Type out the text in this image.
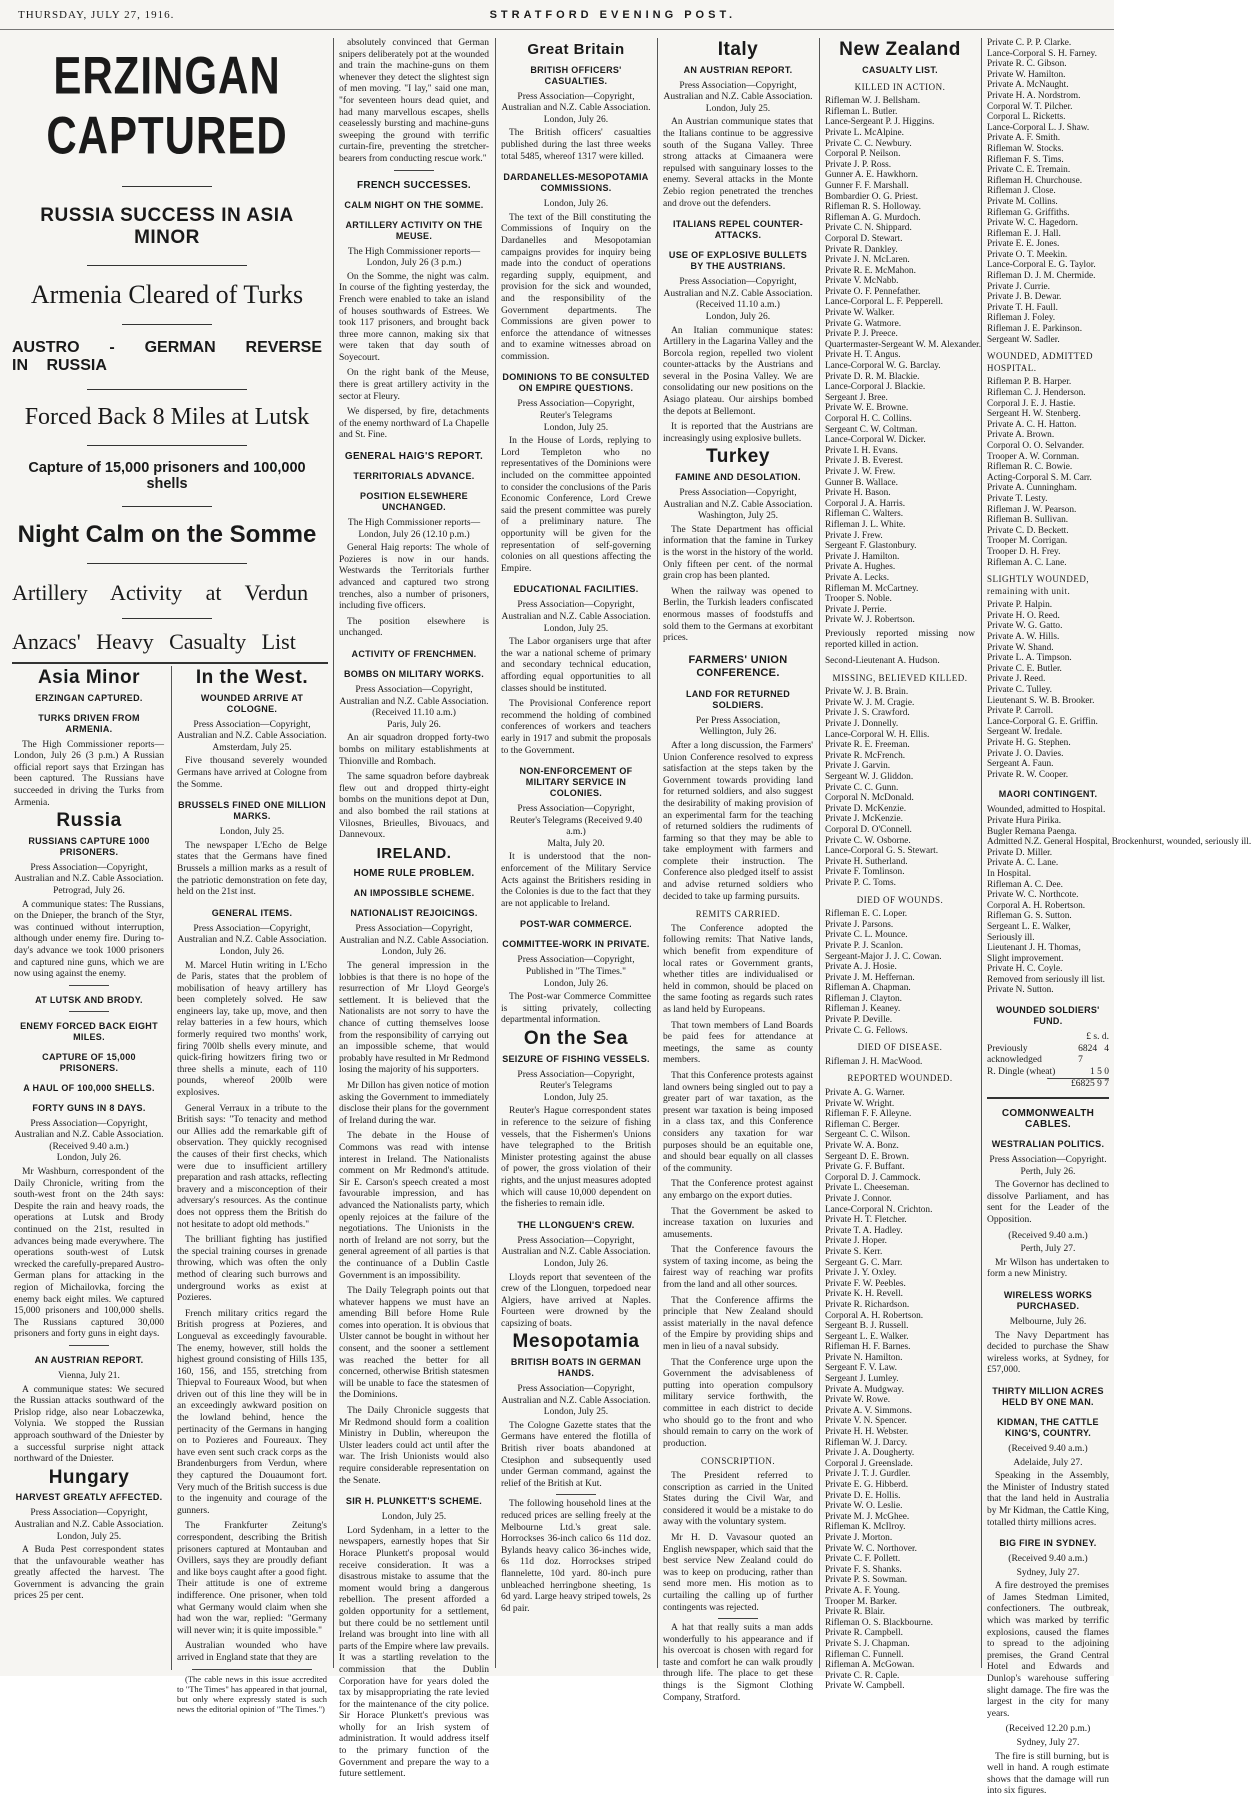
THURSDAY, JULY 27, 1916.	STRATFORD EVENING POST.
ERZINGAN CAPTURED
RUSSIA SUCCESS IN ASIA MINOR
Armenia Cleared of Turks
AUSTRO - GERMAN REVERSE IN RUSSIA
Forced Back 8 Miles at Lutsk
Capture of 15,000 prisoners and 100,000 shells
Night Calm on the Somme
Artillery Activity at Verdun
Anzacs' Heavy Casualty List
Asia Minor
ERZINGAN CAPTURED.
TURKS DRIVEN FROM ARMENIA.

The High Commissioner reports—London, July 26 (3 p.m.) A Russian official report says that Erzingan has been captured. The Russians have succeeded in driving the Turks from Armenia.

Russia
RUSSIANS CAPTURE 1000 PRISONERS.

Press Association—Copyright, Australian and N.Z. Cable Association.

Petrograd, July 26.

A communique states: The Russians, on the Dnieper, the branch of the Styr, was continued without interruption, although under enemy fire. During to-day's advance we took 1000 prisoners and captured nine guns, which we are now using against the enemy.

AT LUTSK AND BRODY.
ENEMY FORCED BACK EIGHT MILES.
CAPTURE OF 15,000 PRISONERS.
A HAUL OF 100,000 SHELLS.
FORTY GUNS IN 8 DAYS.

Press Association—Copyright, Australian and N.Z. Cable Association. (Received 9.40 a.m.)

London, July 26.

Mr Washburn, correspondent of the Daily Chronicle, writing from the south-west front on the 24th says: Despite the rain and heavy roads, the operations at Lutsk and Brody continued on the 21st, resulted in advances being made everywhere. The operations south-west of Lutsk wrecked the carefully-prepared Austro-German plans for attacking in the region of Michailovka, forcing the enemy back eight miles. We captured 15,000 prisoners and 100,000 shells. The Russians captured 30,000 prisoners and forty guns in eight days.

AN AUSTRIAN REPORT.

Vienna, July 21.

A communique states: We secured the Russian attacks southward of the Prislop ridge, also near Lobaczewka, Volynia. We stopped the Russian approach southward of the Dniester by a successful surprise night attack northward of the Dniester.

Hungary
HARVEST GREATLY AFFECTED.

Press Association—Copyright, Australian and N.Z. Cable Association.

London, July 25.

A Buda Pest correspondent states that the unfavourable weather has greatly affected the harvest. The Government is advancing the grain prices 25 per cent.

In the West.
WOUNDED ARRIVE AT COLOGNE.

Press Association—Copyright, Australian and N.Z. Cable Association.

Amsterdam, July 25.

Five thousand severely wounded Germans have arrived at Cologne from the Somme.

BRUSSELS FINED ONE MILLION MARKS.

London, July 25.

The newspaper L'Echo de Belge states that the Germans have fined Brussels a million marks as a result of the patriotic demonstration on fete day, held on the 21st inst.

GENERAL ITEMS.

Press Association—Copyright, Australian and N.Z. Cable Association.

London, July 26.

M. Marcel Hutin writing in L'Echo de Paris, states that the problem of mobilisation of heavy artillery has been completely solved. He saw engineers lay, take up, move, and then relay batteries in a few hours, which formerly required two months' work, firing 700lb shells every minute, and quick-firing howitzers firing two or three shells a minute, each of 110 pounds, whereof 200lb were explosives.

General Verraux in a tribute to the British says: "To tenacity and method our Allies add the remarkable gift of observation. They quickly recognised the causes of their first checks, which were due to insufficient artillery preparation and rash attacks, reflecting bravery and a misconception of their adversary's resources. As the continue does not oppress them the British do not hesitate to adopt old methods."

The brilliant fighting has justified the special training courses in grenade throwing, which was often the only method of clearing such burrows and underground works as exist at Pozieres.

French military critics regard the British progress at Pozieres, and Longueval as exceedingly favourable. The enemy, however, still holds the highest ground consisting of Hills 135, 160, 156, and 155, stretching from Thiepval to Foureaux Wood, but when driven out of this line they will be in an exceedingly awkward position on the lowland behind, hence the pertinacity of the Germans in hanging on to Pozieres and Foureaux. They have even sent such crack corps as the Brandenburgers from Verdun, where they captured the Douaumont fort. Very much of the British success is due to the ingenuity and courage of the gunners.

The Frankfurter Zeitung's correspondent, describing the British prisoners captured at Montauban and Ovillers, says they are proudly defiant and like boys caught after a good fight. Their attitude is one of extreme indifference. One prisoner, when told what Germany would claim when she had won the war, replied: "Germany will never win; it is quite impossible."

Australian wounded who have arrived in England state that they are

(The cable news in this issue accredited to "The Times" has appeared in that journal, but only where expressly stated is such news the editorial opinion of "The Times.")

absolutely convinced that German snipers deliberately pot at the wounded and train the machine-guns on them whenever they detect the slightest sign of men moving. "I lay," said one man, "for seventeen hours dead quiet, and had many marvellous escapes, shells ceaselessly bursting and machine-guns sweeping the ground with terrific curtain-fire, preventing the stretcher-bearers from conducting rescue work."

FRENCH SUCCESSES.
CALM NIGHT ON THE SOMME.
ARTILLERY ACTIVITY ON THE MEUSE.

The High Commissioner reports—London, July 26 (3 p.m.)

On the Somme, the night was calm. In course of the fighting yesterday, the French were enabled to take an island of houses southwards of Estrees. We took 117 prisoners, and brought back three more cannon, making six that were taken that day south of Soyecourt.

On the right bank of the Meuse, there is great artillery activity in the sector at Fleury.

We dispersed, by fire, detachments of the enemy northward of La Chapelle and St. Fine.

GENERAL HAIG'S REPORT.
TERRITORIALS ADVANCE.
POSITION ELSEWHERE UNCHANGED.

The High Commissioner reports—London, July 26 (12.10 p.m.)

General Haig reports: The whole of Pozieres is now in our hands. Westwards the Territorials further advanced and captured two strong trenches, also a number of prisoners, including five officers.

The position elsewhere is unchanged.

ACTIVITY OF FRENCHMEN.
BOMBS ON MILITARY WORKS.

Press Association—Copyright, Australian and N.Z. Cable Association. (Received 11.10 a.m.)

Paris, July 26.

An air squadron dropped forty-two bombs on military establishments at Thionville and Rombach.

The same squadron before daybreak flew out and dropped thirty-eight bombs on the munitions depot at Dun, and also bombed the rail stations at Vilosnes, Brieulles, Bivouacs, and Dannevoux.

IRELAND.
HOME RULE PROBLEM.
AN IMPOSSIBLE SCHEME.
NATIONALIST REJOICINGS.

Press Association—Copyright, Australian and N.Z. Cable Association.

London, July 26.

The general impression in the lobbies is that there is no hope of the resurrection of Mr Lloyd George's settlement. It is believed that the Nationalists are not sorry to have the chance of cutting themselves loose from the responsibility of carrying out an impossible scheme, that would probably have resulted in Mr Redmond losing the majority of his supporters.

Mr Dillon has given notice of motion asking the Government to immediately disclose their plans for the government of Ireland during the war.

The debate in the House of Commons was read with intense interest in Ireland. The Nationalists comment on Mr Redmond's attitude. Sir E. Carson's speech created a most favourable impression, and has advanced the Nationalists party, which openly rejoices at the failure of the negotiations. The Unionists in the north of Ireland are not sorry, but the general agreement of all parties is that the continuance of a Dublin Castle Government is an impossibility.

The Daily Telegraph points out that whatever happens we must have an amending Bill before Home Rule comes into operation. It is obvious that Ulster cannot be bought in without her consent, and the sooner a settlement was reached the better for all concerned, otherwise British statesmen will be unable to face the statesmen of the Dominions.

The Daily Chronicle suggests that Mr Redmond should form a coalition Ministry in Dublin, whereupon the Ulster leaders could act until after the war. The Irish Unionists would also require considerable representation on the Senate.

SIR H. PLUNKETT'S SCHEME.

London, July 25.

Lord Sydenham, in a letter to the newspapers, earnestly hopes that Sir Horace Plunkett's proposal would receive consideration. It was a disastrous mistake to assume that the moment would bring a dangerous rebellion. The present afforded a golden opportunity for a settlement, but there could be no settlement until Ireland was brought into line with all parts of the Empire where law prevails. It was a startling revelation to the commission that the Dublin Corporation have for years doled the tax by misappropriating the rate levied for the maintenance of the city police. Sir Horace Plunkett's previous was wholly for an Irish system of administration. It would address itself to the primary function of the Government and prepare the way to a future settlement.

Great Britain
BRITISH OFFICERS' CASUALTIES.

Press Association—Copyright, Australian and N.Z. Cable Association.

London, July 26.

The British officers' casualties published during the last three weeks total 5485, whereof 1317 were killed.

DARDANELLES-MESOPOTAMIA COMMISSIONS.

London, July 26.

The text of the Bill constituting the Commissions of Inquiry on the Dardanelles and Mesopotamian campaigns provides for inquiry being made into the conduct of operations regarding supply, equipment, and provision for the sick and wounded, and the responsibility of the Government departments. The Commissions are given power to enforce the attendance of witnesses and to examine witnesses abroad on commission.

DOMINIONS TO BE CONSULTED ON EMPIRE QUESTIONS.

Press Association—Copyright, Reuter's Telegrams

London, July 25.

In the House of Lords, replying to Lord Templeton who no representatives of the Dominions were included on the committee appointed to consider the conclusions of the Paris Economic Conference, Lord Crewe said the present committee was purely of a preliminary nature. The opportunity will be given for the representation of self-governing colonies on all questions affecting the Empire.

EDUCATIONAL FACILITIES.

Press Association—Copyright, Australian and N.Z. Cable Association.

London, July 25.

The Labor organisers urge that after the war a national scheme of primary and secondary technical education, affording equal opportunities to all classes should be instituted.

The Provisional Conference report recommend the holding of combined conferences of workers and teachers early in 1917 and submit the proposals to the Government.

NON-ENFORCEMENT OF MILITARY SERVICE IN COLONIES.

Press Association—Copyright, Reuter's Telegrams (Received 9.40 a.m.)

Malta, July 20.

It is understood that the non-enforcement of the Military Service Acts against the Britishers residing in the Colonies is due to the fact that they are not applicable to Ireland.

POST-WAR COMMERCE.
COMMITTEE-WORK IN PRIVATE.

Press Association—Copyright, Published in "The Times."

London, July 26.

The Post-war Commerce Committee is sitting privately, collecting departmental information.

On the Sea
SEIZURE OF FISHING VESSELS.

Press Association—Copyright, Reuter's Telegrams

London, July 25.

Reuter's Hague correspondent states in reference to the seizure of fishing vessels, that the Fishermen's Unions have telegraphed to the British Minister protesting against the abuse of power, the gross violation of their rights, and the unjust measures adopted which will cause 10,000 dependent on the fisheries to remain idle.

THE LLONGUEN'S CREW.

Press Association—Copyright, Australian and N.Z. Cable Association.

London, July 26.

Lloyds report that seventeen of the crew of the Llonguen, torpedoed near Algiers, have arrived at Naples. Fourteen were drowned by the capsizing of boats.

Mesopotamia
BRITISH BOATS IN GERMAN HANDS.

Press Association—Copyright, Australian and N.Z. Cable Association.

London, July 25.

The Cologne Gazette states that the Germans have entered the flotilla of British river boats abandoned at Ctesiphon and subsequently used under German command, against the relief of the British at Kut.

The following household lines at the reduced prices are selling freely at the Melbourne Ltd.'s great sale. Horrockses 36-inch calico 6s 11d doz. Bylands heavy calico 36-inches wide, 6s 11d doz. Horrockses striped flannelette, 10d yard. 80-inch pure unbleached herringbone sheeting, 1s 6d yard. Large heavy striped towels, 2s 6d pair.

Italy
AN AUSTRIAN REPORT.

Press Association—Copyright, Australian and N.Z. Cable Association.

London, July 25.

An Austrian communique states that the Italians continue to be aggressive south of the Sugana Valley. Three strong attacks at Cimaanera were repulsed with sanguinary losses to the enemy. Several attacks in the Monte Zebio region penetrated the trenches and drove out the defenders.

ITALIANS REPEL COUNTER-ATTACKS.
USE OF EXPLOSIVE BULLETS BY THE AUSTRIANS.

Press Association—Copyright, Australian and N.Z. Cable Association. (Received 11.10 a.m.)

London, July 26.

An Italian communique states: Artillery in the Lagarina Valley and the Borcola region, repelled two violent counter-attacks by the Austrians and several in the Posina Valley. We are consolidating our new positions on the Asiago plateau. Our airships bombed the depots at Bellemont.

It is reported that the Austrians are increasingly using explosive bullets.

Turkey
FAMINE AND DESOLATION.

Press Association—Copyright, Australian and N.Z. Cable Association.

Washington, July 25.

The State Department has official information that the famine in Turkey is the worst in the history of the world. Only fifteen per cent. of the normal grain crop has been planted.

When the railway was opened to Berlin, the Turkish leaders confiscated enormous masses of foodstuffs and sold them to the Germans at exorbitant prices.

FARMERS' UNION CONFERENCE.
LAND FOR RETURNED SOLDIERS.

Per Press Association,

Wellington, July 26.

After a long discussion, the Farmers' Union Conference resolved to express satisfaction at the steps taken by the Government towards providing land for returned soldiers, and also suggest the desirability of making provision of an experimental farm for the teaching of returned soldiers the rudiments of farming so that they may be able to take employment with farmers and complete their instruction. The Conference also pledged itself to assist and advise returned soldiers who decided to take up farming pursuits.

REMITS CARRIED.

The Conference adopted the following remits: That Native lands, which benefit from expenditure of local rates or Government grants, whether titles are individualised or held in common, should be placed on the same footing as regards such rates as land held by Europeans.

That town members of Land Boards be paid fees for attendance at meetings, the same as county members.

That this Conference protests against land owners being singled out to pay a greater part of war taxation, as the present war taxation is being imposed in a class tax, and this Conference considers any taxation for war purposes should be an equitable one, and should bear equally on all classes of the community.

That the Conference protest against any embargo on the export duties.

That the Government be asked to increase taxation on luxuries and amusements.

That the Conference favours the system of taxing income, as being the fairest way of reaching war profits from the land and all other sources.

That the Conference affirms the principle that New Zealand should assist materially in the naval defence of the Empire by providing ships and men in lieu of a naval subsidy.

That the Conference urge upon the Government the advisableness of putting into operation compulsory military service forthwith, the committee in each district to decide who should go to the front and who should remain to carry on the work of production.

CONSCRIPTION.

The President referred to conscription as carried in the United States during the Civil War, and considered it would be a mistake to do away with the voluntary system.

Mr H. D. Vavasour quoted an English newspaper, which said that the best service New Zealand could do was to keep on producing, rather than send more men. His motion as to curtailing the calling up of further contingents was rejected.

A hat that really suits a man adds wonderfully to his appearance and if his overcoat is chosen with regard for taste and comfort he can walk proudly through life. The place to get these things is the Sigmont Clothing Company, Stratford.

New Zealand
CASUALTY LIST.
KILLED IN ACTION.
Rifleman W. J. Bellsham.
Rifleman L. Butler.
Lance-Sergeant P. J. Higgins.
Private L. McAlpine.
Private C. C. Newbury.
Corporal P. Neilson.
Private J. P. Ross.
Gunner A. E. Hawkhorn.
Gunner F. F. Marshall.
Bombardier O. G. Priest.
Rifleman R. S. Holloway.
Rifleman A. G. Murdoch.
Private C. N. Shippard.
Corporal D. Stewart.
Private R. Dankley.
Private J. N. McLaren.
Private R. E. McMahon.
Private V. McNabb.
Private O. F. Pennefather.
Lance-Corporal L. F. Pepperell.
Private W. Walker.
Private G. Watmore.
Private P. J. Preece.
Quartermaster-Sergeant W. M. Alexander.
Private H. T. Angus.
Lance-Corporal W. G. Barclay.
Private D. R. M. Blackie.
Lance-Corporal J. Blackie.
Sergeant J. Bree.
Private W. E. Browne.
Corporal H. C. Collins.
Sergeant C. W. Coltman.
Lance-Corporal W. Dicker.
Private I. H. Evans.
Private J. B. Everest.
Private J. W. Frew.
Gunner B. Wallace.
Private H. Bason.
Corporal J. A. Harris.
Rifleman C. Walters.
Rifleman J. L. White.
Private J. Frew.
Sergeant F. Glastonbury.
Private J. Hamilton.
Private A. Hughes.
Private A. Lecks.
Rifleman M. McCartney.
Trooper S. Noble.
Private J. Perrie.
Private W. J. Robertson.

Previously reported missing now reported killed in action.

Second-Lieutenant A. Hudson.
MISSING, BELIEVED KILLED.
Private W. J. B. Brain.
Private W. J. M. Cragie.
Private J. S. Crawford.
Private J. Donnelly.
Lance-Corporal W. H. Ellis.
Private R. E. Freeman.
Private R. McFrench.
Private J. Garvin.
Sergeant W. J. Gliddon.
Private C. C. Gunn.
Corporal N. McDonald.
Private D. McKenzie.
Private J. McKenzie.
Corporal D. O'Connell.
Private C. W. Osborne.
Lance-Corporal G. S. Stewart.
Private H. Sutherland.
Private F. Tomlinson.
Private P. C. Toms.
DIED OF WOUNDS.
Rifleman E. C. Loper.
Private J. Parsons.
Private C. L. Mounce.
Private P. J. Scanlon.
Sergeant-Major J. J. C. Cowan.
Private A. J. Hosie.
Private J. M. Heffernan.
Rifleman A. Chapman.
Rifleman J. Clayton.
Rifleman J. Keaney.
Private P. Deville.
Private C. G. Fellows.
DIED OF DISEASE.
Rifleman J. H. MacWood.
REPORTED WOUNDED.
Private A. G. Warner.
Private W. Wright.
Rifleman F. F. Alleyne.
Rifleman C. Berger.
Sergeant C. C. Wilson.
Private W. A. Bonz.
Sergeant D. E. Brown.
Private G. F. Buffant.
Corporal D. J. Cammock.
Private L. Cheeseman.
Private J. Connor.
Lance-Corporal N. Crichton.
Private H. T. Fletcher.
Private T. A. Hadley.
Private J. Hoper.
Private S. Kerr.
Sergeant G. C. Marr.
Private J. Y. Oxley.
Private F. W. Peebles.
Private K. H. Revell.
Private R. Richardson.
Corporal A. H. Robertson.
Sergeant B. J. Russell.
Sergeant L. E. Walker.
Rifleman H. F. Barnes.
Private N. Hamilton.
Sergeant F. V. Law.
Sergeant J. Lumley.
Private A. Mudgway.
Private W. Rowe.
Private A. V. Simmons.
Private V. N. Spencer.
Private H. H. Webster.
Rifleman W. J. Darcy.
Private J. A. Dougherty.
Corporal J. Greenslade.
Private J. T. J. Gurdler.
Private E. G. Hibberd.
Private D. E. Hollis.
Private W. O. Leslie.
Private M. J. McGhee.
Rifleman K. McIlroy.
Private J. Morton.
Private W. C. Northover.
Private C. F. Pollett.
Private F. S. Shanks.
Private P. S. Sowman.
Private A. F. Young.
Trooper M. Barker.
Private R. Blair.
Rifleman O. S. Blackbourne.
Private R. Campbell.
Private S. J. Chapman.
Rifleman C. Funnell.
Rifleman A. McGowan.
Private C. R. Caple.
Private W. Campbell.
Private C. P. P. Clarke.
Lance-Corporal S. H. Farney.
Private R. C. Gibson.
Private W. Hamilton.
Private A. McNaught.
Private H. A. Nordstrom.
Corporal W. T. Pilcher.
Corporal L. Ricketts.
Lance-Corporal L. J. Shaw.
Private A. F. Smith.
Rifleman W. Stocks.
Rifleman F. S. Tims.
Private C. E. Tremain.
Rifleman H. Churchouse.
Rifleman J. Close.
Private M. Collins.
Rifleman G. Griffiths.
Private W. C. Hagedorn.
Rifleman E. J. Hall.
Private E. E. Jones.
Private O. T. Meekin.
Lance-Corporal E. G. Taylor.
Rifleman D. J. M. Chermide.
Private J. Currie.
Private J. B. Dewar.
Private T. H. Faull.
Rifleman J. Foley.
Rifleman J. E. Parkinson.
Sergeant W. Sadler.
WOUNDED, ADMITTED HOSPITAL.
Rifleman P. B. Harper.
Rifleman C. J. Henderson.
Corporal J. E. J. Hastie.
Sergeant H. W. Stenberg.
Private A. C. H. Hatton.
Private A. Brown.
Corporal O. O. Selvander.
Trooper A. W. Cornman.
Rifleman R. C. Bowie.
Acting-Corporal S. M. Carr.
Private A. Cunningham.
Private T. Lesty.
Rifleman J. W. Pearson.
Rifleman B. Sullivan.
Private C. D. Beckett.
Trooper M. Corrigan.
Trooper D. H. Frey.
Rifleman A. C. Lane.
SLIGHTLY WOUNDED, remaining with unit.
Private P. Halpin.
Private H. O. Reed.
Private W. G. Gatto.
Private A. W. Hills.
Private W. Shand.
Private L. A. Timpson.
Private C. E. Butler.
Private J. Reed.
Private C. Tulley.
Lieutenant S. W. B. Brooker.
Private P. Carroll.
Lance-Corporal G. E. Griffin.
Sergeant W. Iredale.
Private H. G. Stephen.
Private J. O. Davies.
Sergeant A. Faun.
Private R. W. Cooper.
MAORI CONTINGENT.
Wounded, admitted to Hospital.
Private Hura Pirika.
Bugler Remana Paenga.
Admitted N.Z. General Hospital, Brockenhurst, wounded, seriously ill.
Private D. Miller.
Private A. C. Lane.
In Hospital.
Rifleman A. C. Dee.
Private W. C. Northcote.
Corporal A. H. Robertson.
Rifleman G. S. Sutton.
Sergeant L. E. Walker,
Seriously ill.
Lieutenant J. H. Thomas,
Slight improvement.
Private H. C. Coyle.
Removed from seriously ill list.
Private N. Sutton.
WOUNDED SOLDIERS' FUND.
£ s. d.
Previously acknowledged
6824 4 7
R. Dingle (wheat)	1 5 0
£6825 9 7
COMMONWEALTH CABLES.
WESTRALIAN POLITICS.

Press Association—Copyright.

Perth, July 26.

The Governor has declined to dissolve Parliament, and has sent for the Leader of the Opposition.

(Received 9.40 a.m.)

Perth, July 27.

Mr Wilson has undertaken to form a new Ministry.

WIRELESS WORKS PURCHASED.

Melbourne, July 26.

The Navy Department has decided to purchase the Shaw wireless works, at Sydney, for £57,000.

THIRTY MILLION ACRES HELD BY ONE MAN.
KIDMAN, THE CATTLE KING'S, COUNTRY.

(Received 9.40 a.m.)

Adelaide, July 27.

Speaking in the Assembly, the Minister of Industry stated that the land held in Australia by Mr Kidman, the Cattle King, totalled thirty millions acres.

BIG FIRE IN SYDNEY.

(Received 9.40 a.m.)

Sydney, July 27.

A fire destroyed the premises of James Stedman Limited, confectioners. The outbreak, which was marked by terrific explosions, caused the flames to spread to the adjoining premises, the Grand Central Hotel and Edwards and Dunlop's warehouse suffering slight damage. The fire was the largest in the city for many years.

(Received 12.20 p.m.)

Sydney, July 27.

The fire is still burning, but is well in hand. A rough estimate shows that the damage will run into six figures.
